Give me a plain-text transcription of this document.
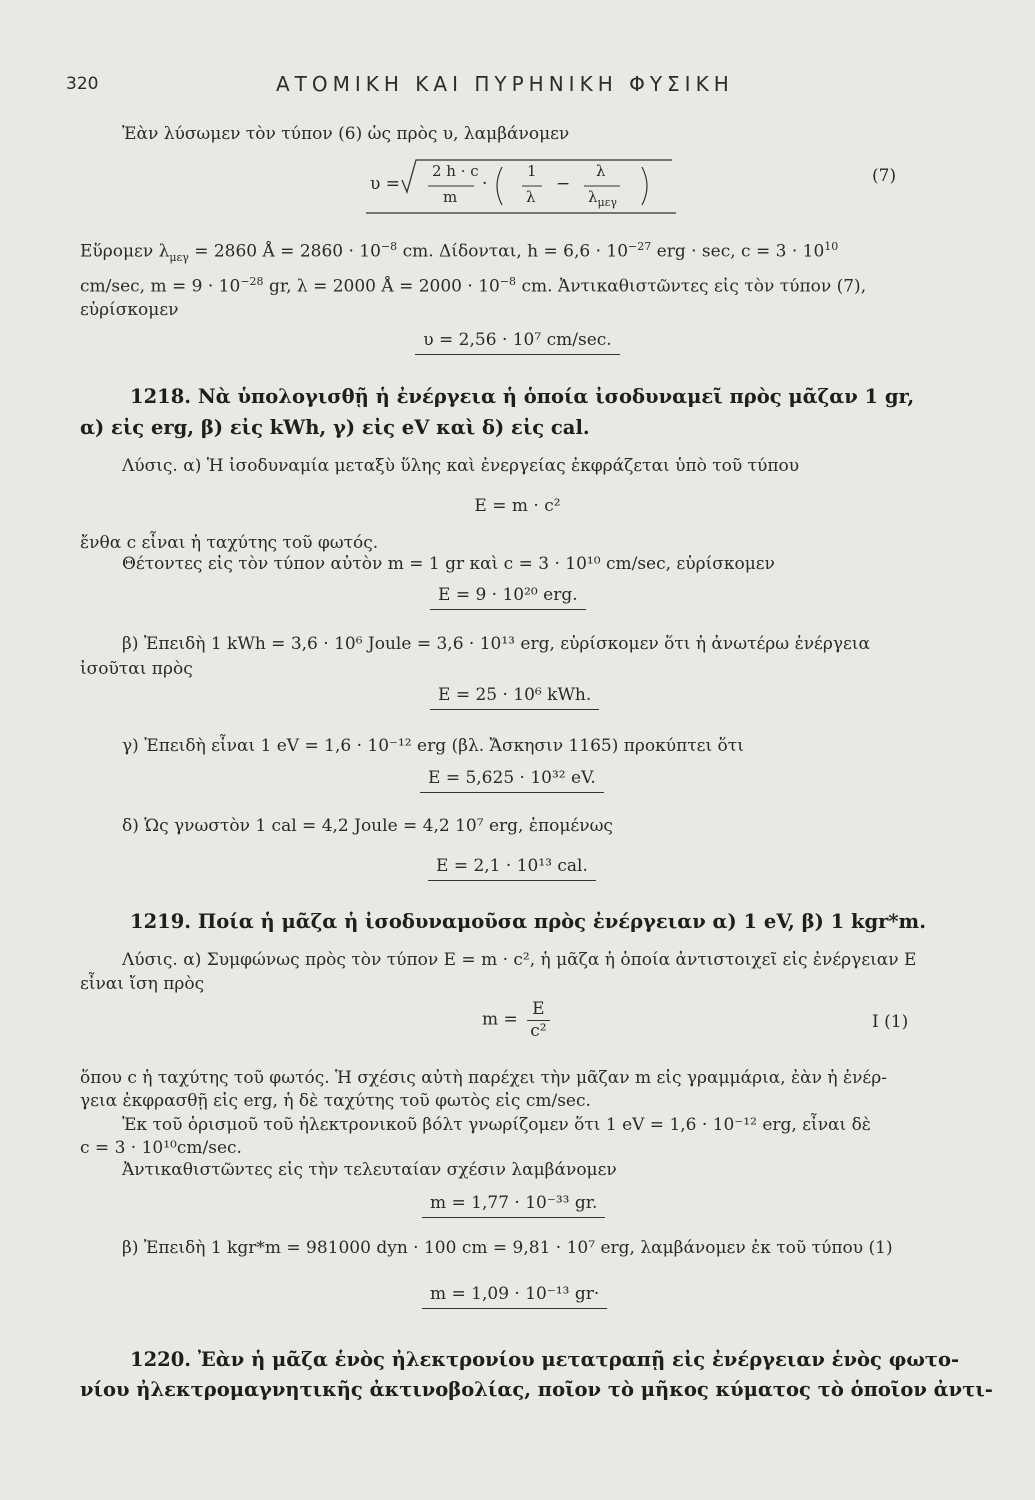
320	ΑΤΟΜΙΚΗ ΚΑΙ ΠΥΡΗΝΙΚΗ ΦΥΣΙΚΗ
Ἐὰν λύσωμεν τὸν τύπον (6) ὡς πρὸς υ, λαμβάνομεν
υ =
2 h · c
m
·
1
λ
−
λ
$\lambda_{\mu\varepsilon\gamma}$
(7)
Εὕρομεν $\lambda_{\mu\varepsilon\gamma} = 2860$ Å = $2860 \cdot 10^{-8}$ cm. Δίδονται, $h = 6,6 \cdot 10^{-27}$ erg · sec, $c = 3 \cdot 10^{10}$
cm/sec, $m = 9 \cdot 10^{-28}$ gr, λ = 2000 Å = $2000 \cdot 10^{-8}$ cm. Ἀντικαθιστῶντες εἰς τὸν τύπον (7),
εὑρίσκομεν
υ = 2,56 · 10⁷ cm/sec.
1218. Νὰ ὑπολογισθῇ ἡ ἐνέργεια ἡ ὁποία ἰσοδυναμεῖ πρὸς μᾶζαν 1 gr,
α) εἰς erg, β) εἰς kWh, γ) εἰς eV καὶ δ) εἰς cal.
Λύσις. α) Ἡ ἰσοδυναμία μεταξὺ ὕλης καὶ ἐνεργείας ἐκφράζεται ὑπὸ τοῦ τύπου
E = m · c²
ἔνθα c εἶναι ἡ ταχύτης τοῦ φωτός.
Θέτοντες εἰς τὸν τύπον αὐτὸν m = 1 gr καὶ c = 3 · 10¹⁰ cm/sec, εὑρίσκομεν
E = 9 · 10²⁰ erg.
β) Ἐπειδὴ 1 kWh = 3,6 · 10⁶ Joule = 3,6 · 10¹³ erg, εὑρίσκομεν ὅτι ἡ ἀνωτέρω ἐνέργεια
ἰσοῦται πρὸς
E = 25 · 10⁶ kWh.
γ) Ἐπειδὴ εἶναι 1 eV = 1,6 · 10⁻¹² erg (βλ. Ἄσκησιν 1165) προκύπτει ὅτι
E = 5,625 · 10³² eV.
δ) Ὡς γνωστὸν 1 cal = 4,2 Joule = 4,2 10⁷ erg, ἑπομένως
E = 2,1 · 10¹³ cal.
1219. Ποία ἡ μᾶζα ἡ ἰσοδυναμοῦσα πρὸς ἐνέργειαν α) 1 eV, β) 1 kgr*m.
Λύσις. α) Συμφώνως πρὸς τὸν τύπον E = m · c², ἡ μᾶζα ἡ ὁποία ἀντιστοιχεῖ εἰς ἐνέργειαν E
εἶναι ἴση πρὸς
$m = \frac{E}{\text{c²}}$	I (1)
ὅπου c ἡ ταχύτης τοῦ φωτός. Ἡ σχέσις αὐτὴ παρέχει τὴν μᾶζαν m εἰς γραμμάρια, ἐὰν ἡ ἐνέρ-
γεια ἐκφρασθῇ εἰς erg, ἡ δὲ ταχύτης τοῦ φωτὸς εἰς cm/sec.
Ἐκ τοῦ ὁρισμοῦ τοῦ ἠλεκτρονικοῦ βόλτ γνωρίζομεν ὅτι 1 eV = 1,6 · 10⁻¹² erg, εἶναι δὲ
c = 3 · 10¹⁰cm/sec.
Ἀντικαθιστῶντες εἰς τὴν τελευταίαν σχέσιν λαμβάνομεν
m = 1,77 · 10⁻³³ gr.
β) Ἐπειδὴ 1 kgr*m = 981000 dyn · 100 cm = 9,81 · 10⁷ erg, λαμβάνομεν ἐκ τοῦ τύπου (1)
m = 1,09 · 10⁻¹³ gr·
1220. Ἐὰν ἡ μᾶζα ἑνὸς ἠλεκτρονίου μετατραπῇ εἰς ἐνέργειαν ἑνὸς φωτο-
νίου ἠλεκτρομαγνητικῆς ἀκτινοβολίας, ποῖον τὸ μῆκος κύματος τὸ ὁποῖον ἀντι-
